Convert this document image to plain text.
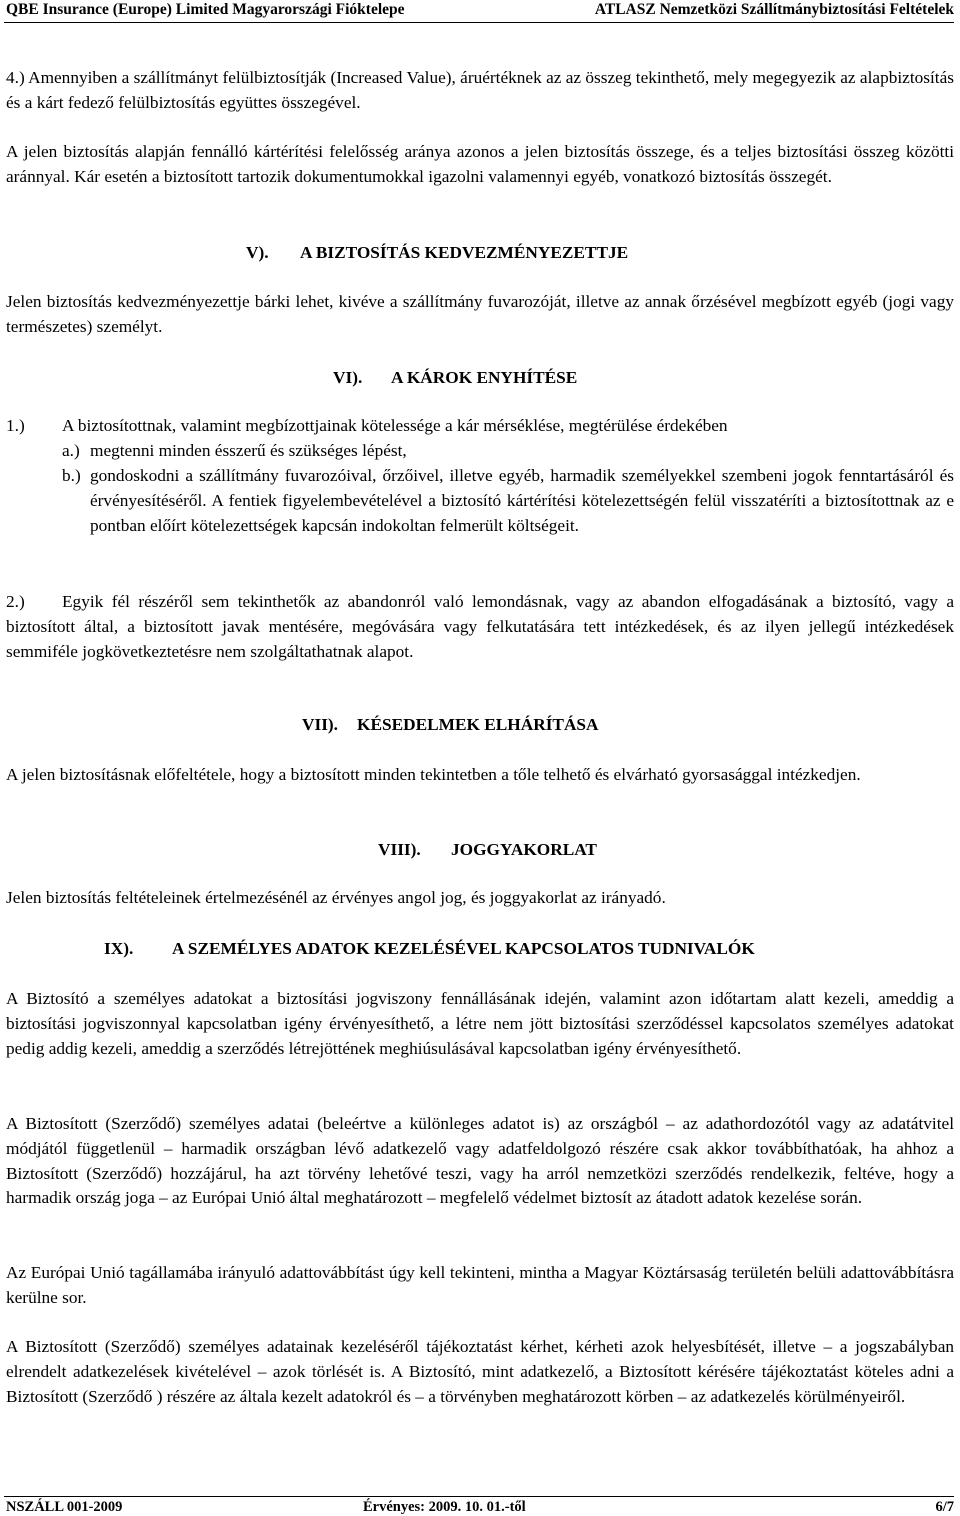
QBE Insurance (Europe) Limited Magyarországi Fióktelepe	ATLASZ Nemzetközi Szállítmánybiztosítási Feltételek
4.) Amennyiben a szállítmányt felülbiztosítják (Increased Value), áruértéknek az az összeg tekinthető, mely megegyezik az alapbiztosítás és a kárt fedező felülbiztosítás együttes összegével.
A jelen biztosítás alapján fennálló kártérítési felelősség aránya azonos a jelen biztosítás összege, és a teljes biztosítási összeg közötti aránnyal. Kár esetén a biztosított tartozik dokumentumokkal igazolni valamennyi egyéb, vonatkozó biztosítás összegét.
V). A BIZTOSÍTÁS KEDVEZMÉNYEZETTJE
Jelen biztosítás kedvezményezettje bárki lehet, kivéve a szállítmány fuvarozóját, illetve az annak őrzésével megbízott egyéb (jogi vagy természetes) személyt.
VI). A KÁROK ENYHÍTÉSE
1.) A biztosítottnak, valamint megbízottjainak kötelessége a kár mérséklése, megtérülése érdekében
a.) megtenni minden ésszerű és szükséges lépést,
b.) gondoskodni a szállítmány fuvarozóival, őrzőivel, illetve egyéb, harmadik személyekkel szembeni jogok fenntartásáról és érvényesítéséről. A fentiek figyelembevételével a biztosító kártérítési kötelezettségén felül visszatéríti a biztosítottnak az e pontban előírt kötelezettségek kapcsán indokoltan felmerült költségeit.
2.) Egyik fél részéről sem tekinthetők az abandonról való lemondásnak, vagy az abandon elfogadásának a biztosító, vagy a biztosított által, a biztosított javak mentésére, megóvására vagy felkutatására tett intézkedések, és az ilyen jellegű intézkedések semmiféle jogkövetkeztetésre nem szolgáltathatnak alapot.
VII). KÉSEDELMEK ELHÁRÍTÁSA
A jelen biztosításnak előfeltétele, hogy a biztosított minden tekintetben a tőle telhető és elvárható gyorsasággal intézkedjen.
VIII). JOGGYAKORLAT
Jelen biztosítás feltételeinek értelmezésénél az érvényes angol jog, és joggyakorlat az irányadó.
IX). A SZEMÉLYES ADATOK KEZELÉSÉVEL KAPCSOLATOS TUDNIVALÓK
A Biztosító a személyes adatokat a biztosítási jogviszony fennállásának idején, valamint azon időtartam alatt kezeli, ameddig a biztosítási jogviszonnyal kapcsolatban igény érvényesíthető, a létre nem jött biztosítási szerződéssel kapcsolatos személyes adatokat pedig addig kezeli, ameddig a szerződés létrejöttének meghiúsulásával kapcsolatban igény érvényesíthető.
A Biztosított (Szerződő) személyes adatai (beleértve a különleges adatot is) az országból – az adathordozótól vagy az adatátvitel módjától függetlenül – harmadik országban lévő adatkezelő vagy adatfeldolgozó részére csak akkor továbbíthatóak, ha ahhoz a Biztosított (Szerződő) hozzájárul, ha azt törvény lehetővé teszi, vagy ha arról nemzetközi szerződés rendelkezik, feltéve, hogy a harmadik ország joga – az Európai Unió által meghatározott – megfelelő védelmet biztosít az átadott adatok kezelése során.
Az Európai Unió tagállamába irányuló adattovábbítást úgy kell tekinteni, mintha a Magyar Köztársaság területén belüli adattovábbításra kerülne sor.
A Biztosított (Szerződő) személyes adatainak kezeléséről tájékoztatást kérhet, kérheti azok helyesbítését, illetve – a jogszabályban elrendelt adatkezelések kivételével – azok törlését is. A Biztosító, mint adatkezelő, a Biztosított kérésére tájékoztatást köteles adni a Biztosított (Szerződő ) részére az általa kezelt adatokról és – a törvényben meghatározott körben – az adatkezelés körülményeiről.
NSZÁLL 001-2009	Érvényes: 2009. 10. 01.-től	6/7
